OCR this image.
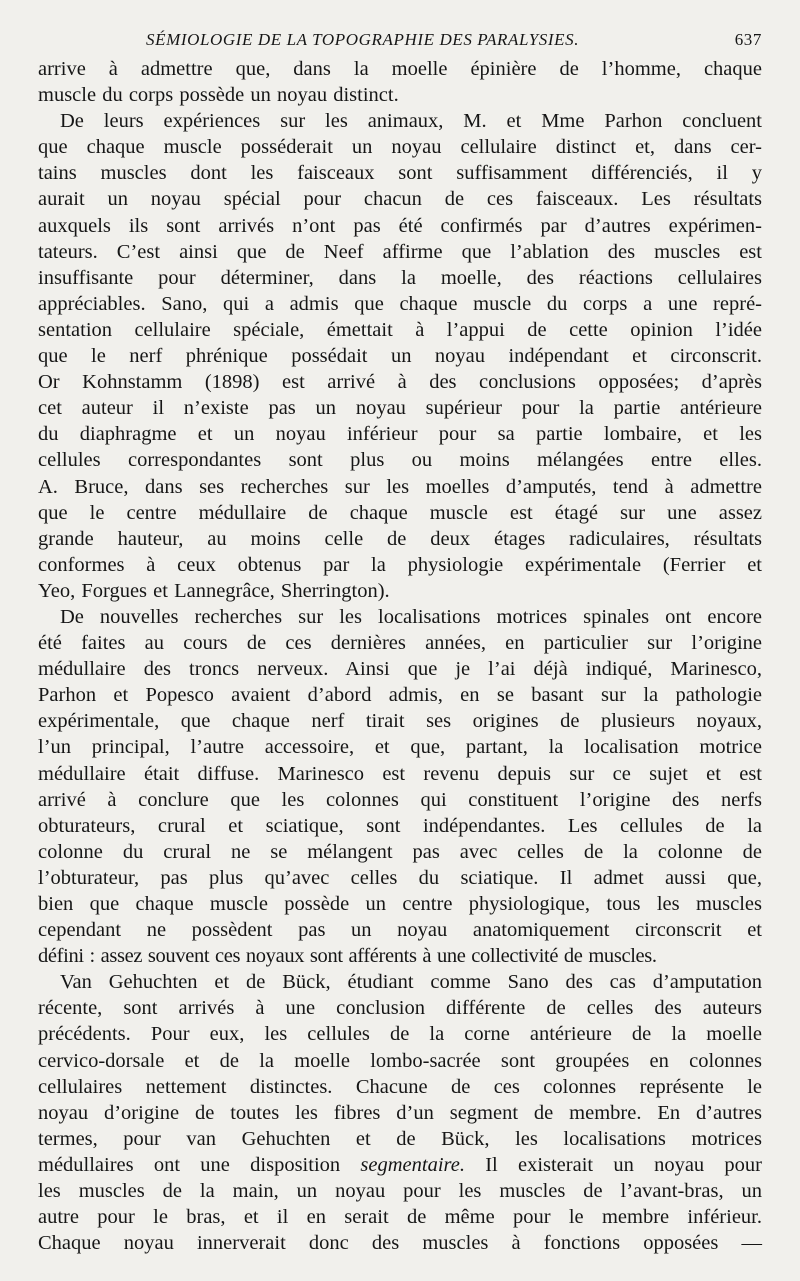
SÉMIOLOGIE DE LA TOPOGRAPHIE DES PARALYSIES.	637

arrive à admettre que, dans la moelle épinière de l’homme, chaque

muscle du corps possède un noyau distinct.

De leurs expériences sur les animaux, M. et Mme Parhon concluent

que chaque muscle posséderait un noyau cellulaire distinct et, dans cer-

tains muscles dont les faisceaux sont suffisamment différenciés, il y

aurait un noyau spécial pour chacun de ces faisceaux. Les résultats

auxquels ils sont arrivés n’ont pas été confirmés par d’autres expérimen-

tateurs. C’est ainsi que de Neef affirme que l’ablation des muscles est

insuffisante pour déterminer, dans la moelle, des réactions cellulaires

appréciables. Sano, qui a admis que chaque muscle du corps a une repré-

sentation cellulaire spéciale, émettait à l’appui de cette opinion l’idée

que le nerf phrénique possédait un noyau indépendant et circonscrit.

Or Kohnstamm (1898) est arrivé à des conclusions opposées; d’après

cet auteur il n’existe pas un noyau supérieur pour la partie antérieure

du diaphragme et un noyau inférieur pour sa partie lombaire, et les

cellules correspondantes sont plus ou moins mélangées entre elles.

A. Bruce, dans ses recherches sur les moelles d’amputés, tend à admettre

que le centre médullaire de chaque muscle est étagé sur une assez

grande hauteur, au moins celle de deux étages radiculaires, résultats

conformes à ceux obtenus par la physiologie expérimentale (Ferrier et

Yeo, Forgues et Lannegrâce, Sherrington).

De nouvelles recherches sur les localisations motrices spinales ont encore

été faites au cours de ces dernières années, en particulier sur l’origine

médullaire des troncs nerveux. Ainsi que je l’ai déjà indiqué, Marinesco,

Parhon et Popesco avaient d’abord admis, en se basant sur la pathologie

expérimentale, que chaque nerf tirait ses origines de plusieurs noyaux,

l’un principal, l’autre accessoire, et que, partant, la localisation motrice

médullaire était diffuse. Marinesco est revenu depuis sur ce sujet et est

arrivé à conclure que les colonnes qui constituent l’origine des nerfs

obturateurs, crural et sciatique, sont indépendantes. Les cellules de la

colonne du crural ne se mélangent pas avec celles de la colonne de

l’obturateur, pas plus qu’avec celles du sciatique. Il admet aussi que,

bien que chaque muscle possède un centre physiologique, tous les muscles

cependant ne possèdent pas un noyau anatomiquement circonscrit et

défini : assez souvent ces noyaux sont afférents à une collectivité de muscles.

Van Gehuchten et de Bück, étudiant comme Sano des cas d’amputation

récente, sont arrivés à une conclusion différente de celles des auteurs

précédents. Pour eux, les cellules de la corne antérieure de la moelle

cervico-dorsale et de la moelle lombo-sacrée sont groupées en colonnes

cellulaires nettement distinctes. Chacune de ces colonnes représente le

noyau d’origine de toutes les fibres d’un segment de membre. En d’autres

termes, pour van Gehuchten et de Bück, les localisations motrices

médullaires ont une disposition segmentaire. Il existerait un noyau pour

les muscles de la main, un noyau pour les muscles de l’avant-bras, un

autre pour le bras, et il en serait de même pour le membre inférieur.

Chaque noyau innerverait donc des muscles à fonctions opposées —
